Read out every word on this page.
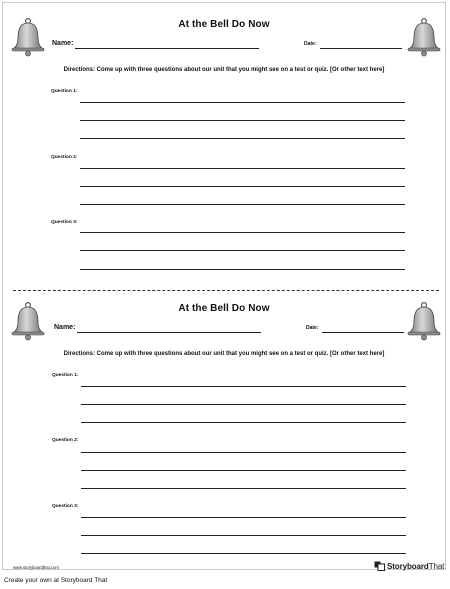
At the Bell Do Now
Name:	Date:
Directions: Come up with three questions about our unit that you might see on a test or quiz. [Or other text here]
Question 1:
Question 2:
Question 3:
At the Bell Do Now
Name:	Date:
Directions: Come up with three questions about our unit that you might see on a test or quiz. [Or other text here]
Question 1:
Question 2:
Question 3:
www.storyboardthat.com	StoryboardThat
Create your own at Storyboard That
